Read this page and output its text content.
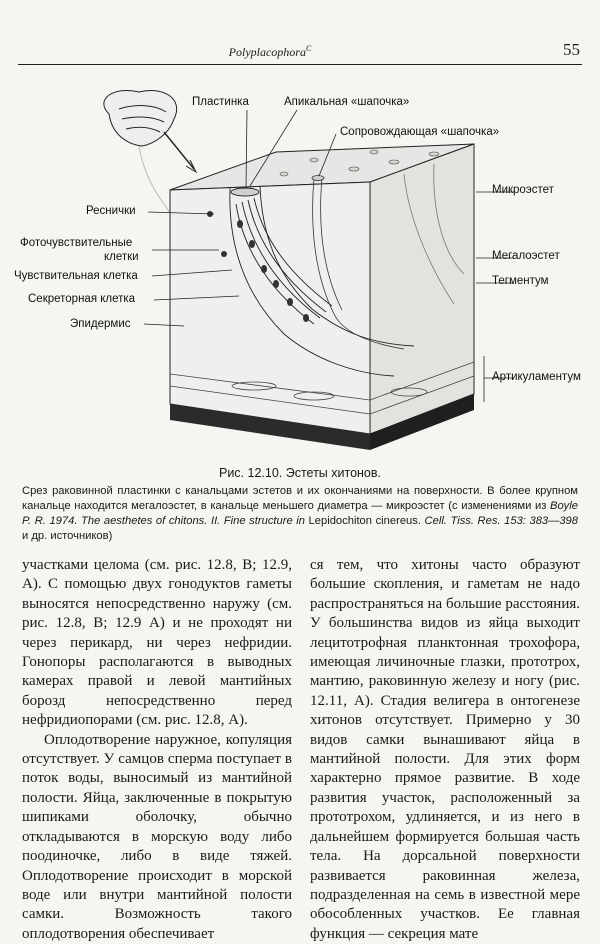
Polyplacophora$^C$	55
Пластинка	Апикальная «шапочка»
Сопровождающая «шапочка»
Микроэстет
Реснички
Фоточувствительные
клетки
Чувствительная клетка
Мегалоэстет
Тегментум
Секреторная клетка
Эпидермис
Артикуламентум
Рис. 12.10. Эстеты хитонов.
Срез раковинной пластинки с канальцами эстетов и их окончаниями на поверхности. В более крупном канальце находится мегалоэстет, в канальце меньшего диаметра — микроэстет (с изменениями из Boyle P. R. 1974. The aesthetes of chitons. II. Fine structure in Lepidochiton cinereus. Cell. Tiss. Res. 153: 383—398 и др. источников)

участками целома (см. рис. 12.8, В; 12.9, А). С помощью двух гонодуктов гаметы выносятся непосредственно наружу (см. рис. 12.8, В; 12.9 А) и не проходят ни через перикард, ни через нефридии. Гонопоры располагаются в выводных камерах правой и левой мантийных борозд непосредственно перед нефридиопорами (см. рис. 12.8, А).

Оплодотворение наружное, копуляция отсутствует. У самцов сперма поступает в поток воды, выносимый из мантийной полости. Яйца, заключенные в покрытую шипиками оболочку, обычно откладываются в морскую воду либо поодиночке, либо в виде тяжей. Оплодотворение происходит в морской воде или внутри мантийной полости самки. Возможность такого оплодотворения обеспечивает

ся тем, что хитоны часто образуют большие скопления, и гаметам не надо распространяться на большие расстояния. У большинства видов из яйца выходит лецитотрофная планктонная трохофора, имеющая личиночные глазки, прототрох, мантию, раковинную железу и ногу (рис. 12.11, А). Стадия велигера в онтогенезе хитонов отсутствует. Примерно у 30 видов самки вынашивают яйца в мантийной полости. Для этих форм характерно прямое развитие. В ходе развития участок, расположенный за прототрохом, удлиняется, и из него в дальнейшем формируется большая часть тела. На дорсальной поверхности развивается раковинная железа, подразделенная на семь в известной мере обособленных участков. Ее главная функция — секреция мате
